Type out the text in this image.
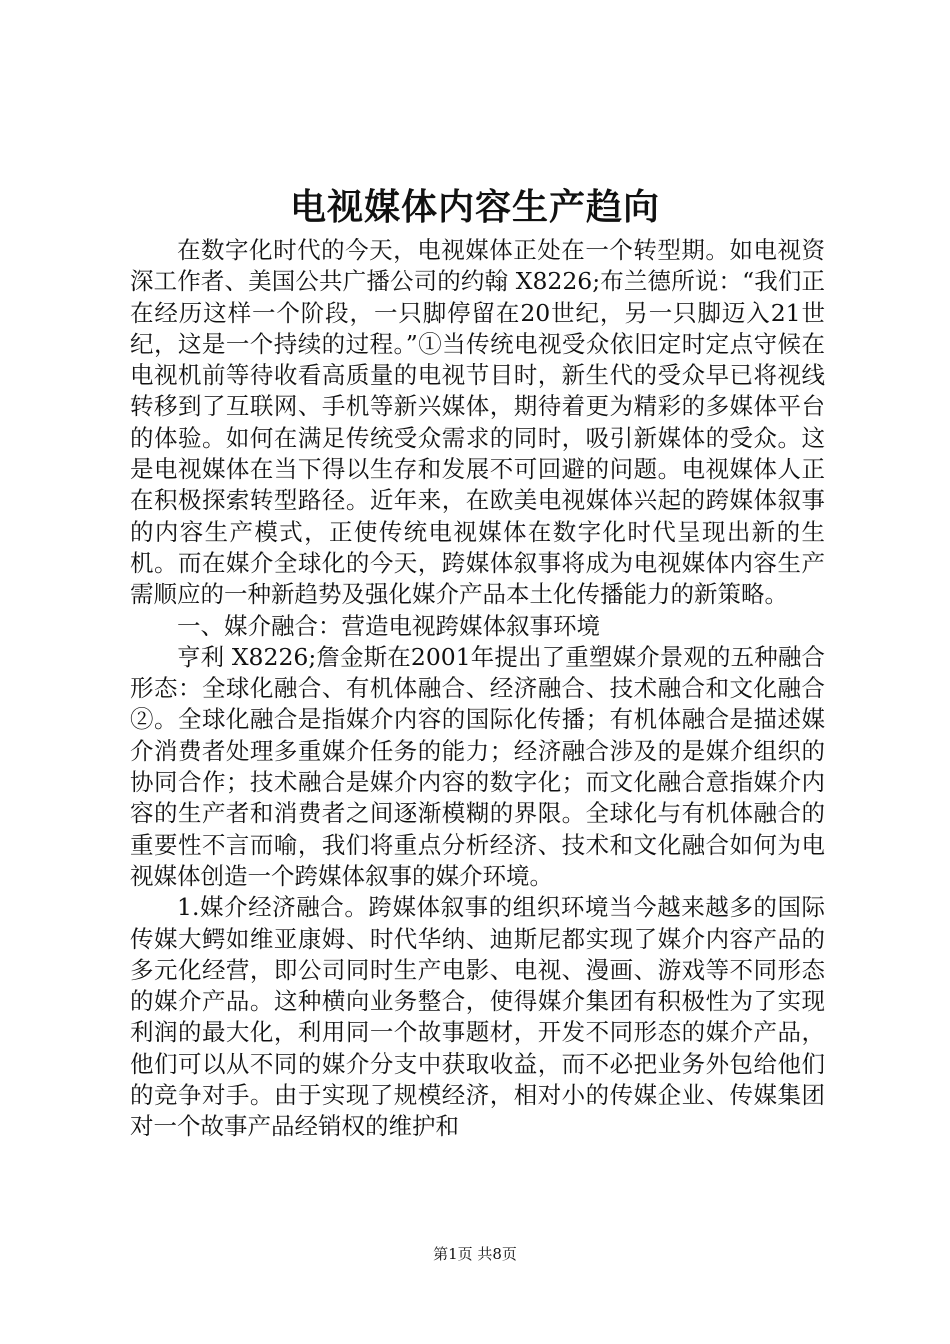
电视媒体内容生产趋向

在数字化时代的今天，电视媒体正处在一个转型期。如电视资深工作者、美国公共广播公司的约翰 X8226;布兰德所说：“我们正在经历这样一个阶段，一只脚停留在20世纪，另一只脚迈入21世纪，这是一个持续的过程。”①当传统电视受众依旧定时定点守候在电视机前等待收看高质量的电视节目时，新生代的受众早已将视线转移到了互联网、手机等新兴媒体，期待着更为精彩的多媒体平台的体验。如何在满足传统受众需求的同时，吸引新媒体的受众。这是电视媒体在当下得以生存和发展不可回避的问题。电视媒体人正在积极探索转型路径。近年来，在欧美电视媒体兴起的跨媒体叙事的内容生产模式，正使传统电视媒体在数字化时代呈现出新的生机。而在媒介全球化的今天，跨媒体叙事将成为电视媒体内容生产需顺应的一种新趋势及强化媒介产品本土化传播能力的新策略。

一、媒介融合：营造电视跨媒体叙事环境

亨利 X8226;詹金斯在2001年提出了重塑媒介景观的五种融合形态：全球化融合、有机体融合、经济融合、技术融合和文化融合②。全球化融合是指媒介内容的国际化传播；有机体融合是描述媒介消费者处理多重媒介任务的能力；经济融合涉及的是媒介组织的协同合作；技术融合是媒介内容的数字化；而文化融合意指媒介内容的生产者和消费者之间逐渐模糊的界限。全球化与有机体融合的重要性不言而喻，我们将重点分析经济、技术和文化融合如何为电视媒体创造一个跨媒体叙事的媒介环境。

1.媒介经济融合。跨媒体叙事的组织环境当今越来越多的国际传媒大鳄如维亚康姆、时代华纳、迪斯尼都实现了媒介内容产品的多元化经营，即公司同时生产电影、电视、漫画、游戏等不同形态的媒介产品。这种横向业务整合，使得媒介集团有积极性为了实现利润的最大化，利用同一个故事题材，开发不同形态的媒介产品，他们可以从不同的媒介分支中获取收益，而不必把业务外包给他们的竞争对手。由于实现了规模经济，相对小的传媒企业、传媒集团对一个故事产品经销权的维护和

第1页 共8页
